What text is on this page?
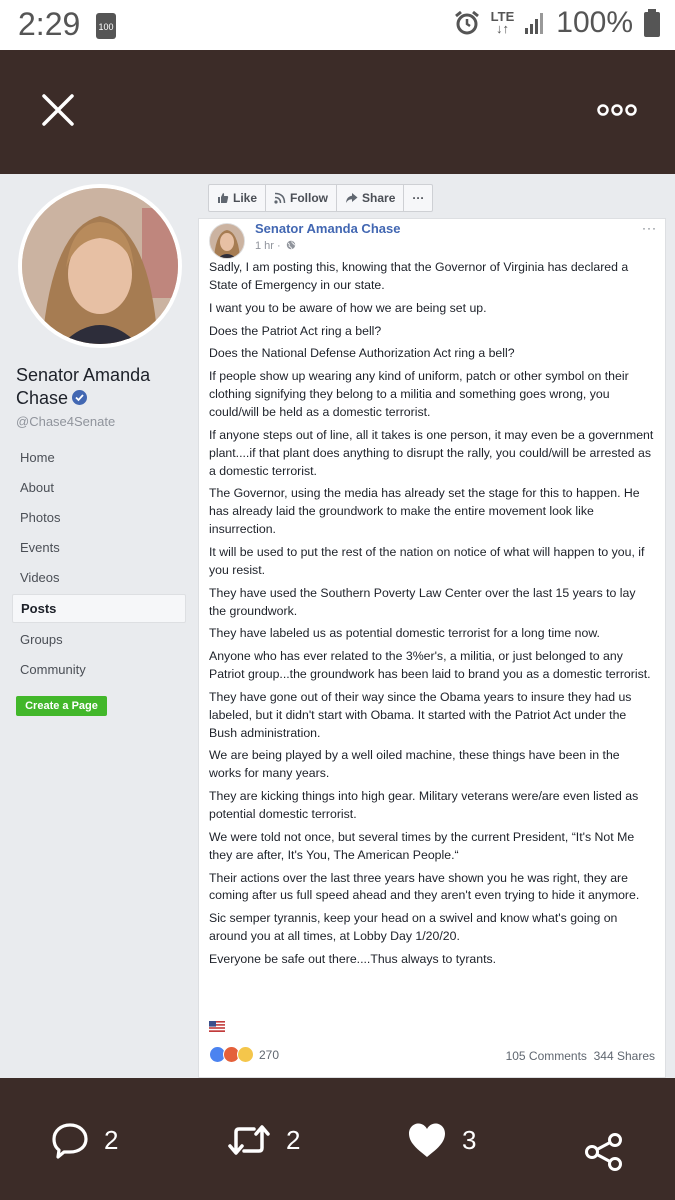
2:29 100
LTE
↓↑ 100%
Senator Amanda Chase
@Chase4Senate
Home
About
Photos
Events
Videos
Posts
Groups
Community
Create a Page
Like	Follow	Share	···
Senator Amanda Chase
1 hr ·
···

Sadly, I am posting this, knowing that the Governor of Virginia has declared a State of Emergency in our state.

I want you to be aware of how we are being set up.

Does the Patriot Act ring a bell?

Does the National Defense Authorization Act ring a bell?

If people show up wearing any kind of uniform, patch or other symbol on their clothing signifying they belong to a militia and something goes wrong, you could/will be held as a domestic terrorist.

If anyone steps out of line, all it takes is one person, it may even be a government plant....if that plant does anything to disrupt the rally, you could/will be arrested as a domestic terrorist.

The Governor, using the media has already set the stage for this to happen. He has already laid the groundwork to make the entire movement look like insurrection.

It will be used to put the rest of the nation on notice of what will happen to you, if you resist.

They have used the Southern Poverty Law Center over the last 15 years to lay the groundwork.

They have labeled us as potential domestic terrorist for a long time now.

Anyone who has ever related to the 3%er's, a militia, or just belonged to any Patriot group...the groundwork has been laid to brand you as a domestic terrorist.

They have gone out of their way since the Obama years to insure they had us labeled, but it didn't start with Obama. It started with the Patriot Act under the Bush administration.

We are being played by a well oiled machine, these things have been in the works for many years.

They are kicking things into high gear. Military veterans were/are even listed as potential domestic terrorist.

We were told not once, but several times by the current President, “It's Not Me they are after, It's You, The American People.“

Their actions over the last three years have shown you he was right, they are coming after us full speed ahead and they aren't even trying to hide it anymore.

Sic semper tyrannis, keep your head on a swivel and know what's going on around you at all times, at Lobby Day 1/20/20.

Everyone be safe out there....Thus always to tyrants.

270	105 Comments 344 Shares
2	2	3
